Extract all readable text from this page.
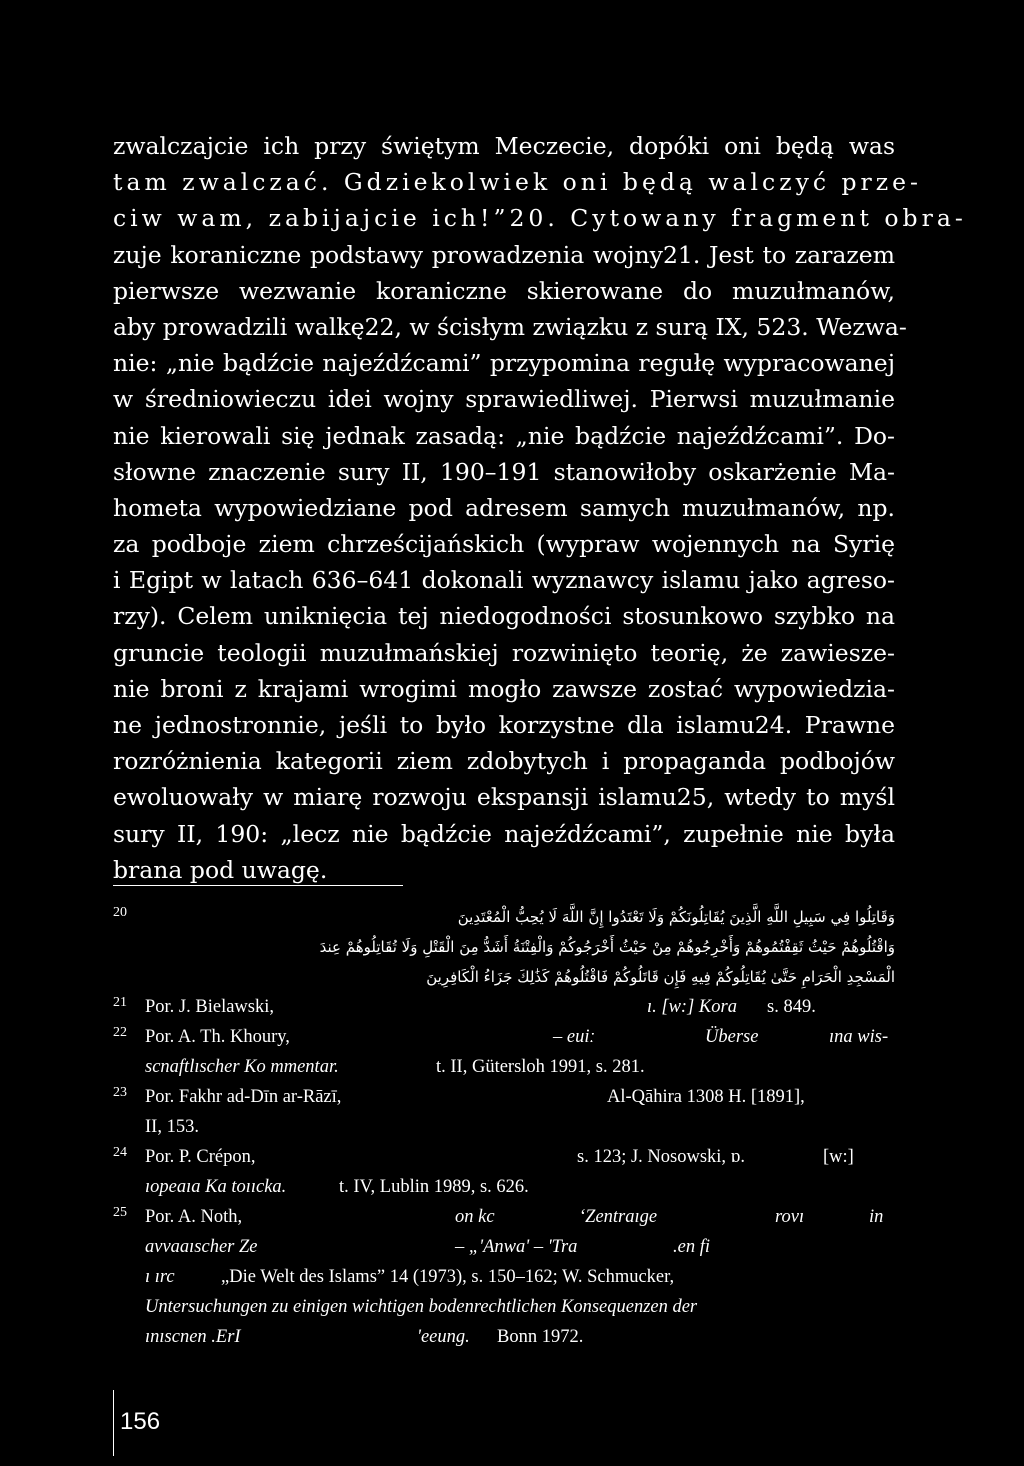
zwalczajcie ich przy świętym Meczecie, dopóki oni będą was
tam zwalczać. Gdziekolwiek oni będą walczyć prze-
ciw wam, zabijajcie ich!”20. Cytowany fragment obra-
zuje koraniczne podstawy prowadzenia wojny21. Jest to zarazem
pierwsze wezwanie koraniczne skierowane do muzułmanów,
aby prowadzili walkę22, w ścisłym związku z surą IX, 523. Wezwa-
nie: „nie bądźcie najeźdźcami” przypomina regułę wypracowanej
w średniowieczu idei wojny sprawiedliwej. Pierwsi muzułmanie
nie kierowali się jednak zasadą: „nie bądźcie najeźdźcami”. Do-
słowne znaczenie sury II, 190–191 stanowiłoby oskarżenie Ma-
hometa wypowiedziane pod adresem samych muzułmanów, np.
za podboje ziem chrześcijańskich (wypraw wojennych na Syrię
i Egipt w latach 636–641 dokonali wyznawcy islamu jako agreso-
rzy). Celem uniknięcia tej niedogodności stosunkowo szybko na
gruncie teologii muzułmańskiej rozwinięto teorię, że zawiesze-
nie broni z krajami wrogimi mogło zawsze zostać wypowiedzia-
ne jednostronnie, jeśli to było korzystne dla islamu24. Prawne
rozróżnienia kategorii ziem zdobytych i propaganda podbojów
ewoluowały w miarę rozwoju ekspansji islamu25, wtedy to myśl
sury II, 190: „lecz nie bądźcie najeźdźcami”, zupełnie nie była
brana pod uwagę.
20	وَقَاتِلُوا فِي سَبِيلِ اللَّهِ الَّذِينَ يُقَاتِلُونَكُمْ وَلَا تَعْتَدُوا إِنَّ اللَّهَ لَا يُحِبُّ الْمُعْتَدِينَ
وَاقْتُلُوهُمْ حَيْثُ ثَقِفْتُمُوهُمْ وَأَخْرِجُوهُمْ مِنْ حَيْثُ أَخْرَجُوكُمْ وَالْفِتْنَةُ أَشَدُّ مِنَ الْقَتْلِ وَلَا تُقَاتِلُوهُمْ عِندَ
الْمَسْجِدِ الْحَرَامِ حَتَّىٰ يُقَاتِلُوكُمْ فِيهِ فَإِن قَاتَلُوكُمْ فَاقْتُلُوهُمْ كَذَٰلِكَ جَزَاءُ الْكَافِرِينَ
21 Por. J. Bielawski,	ı. [w:] Kora s. 849.
22 Por. A. Th. Khoury,	– euiː	Überse	ına wis-
scnaftlıscher Ko mmentar.	t. II, Gütersloh 1991, s. 281.
23 Por. Fakhr ad-Dīn ar-Rāzī,	Al-Qāhira 1308 H. [1891],
II, 153.
24 Por. P. Crépon,	s. 123; J. Nosowski, ɒ.	[w:]
ıopeaıa Ka toııcka.	t. IV, Lublin 1989, s. 626.
25 Por. A. Noth,	on kc	ʻZentraıge	rovı	in
avvaaıscher Ze	– „'Anwa' – 'Tra	.en fi
ı ırc	„Die Welt des Islams” 14 (1973), s. 150–162; W. Schmucker,
Untersuchungen zu einigen wichtigen bodenrechtlichen Konsequenzen der
ınıscnen .ErI	'eeung. Bonn 1972.
156
